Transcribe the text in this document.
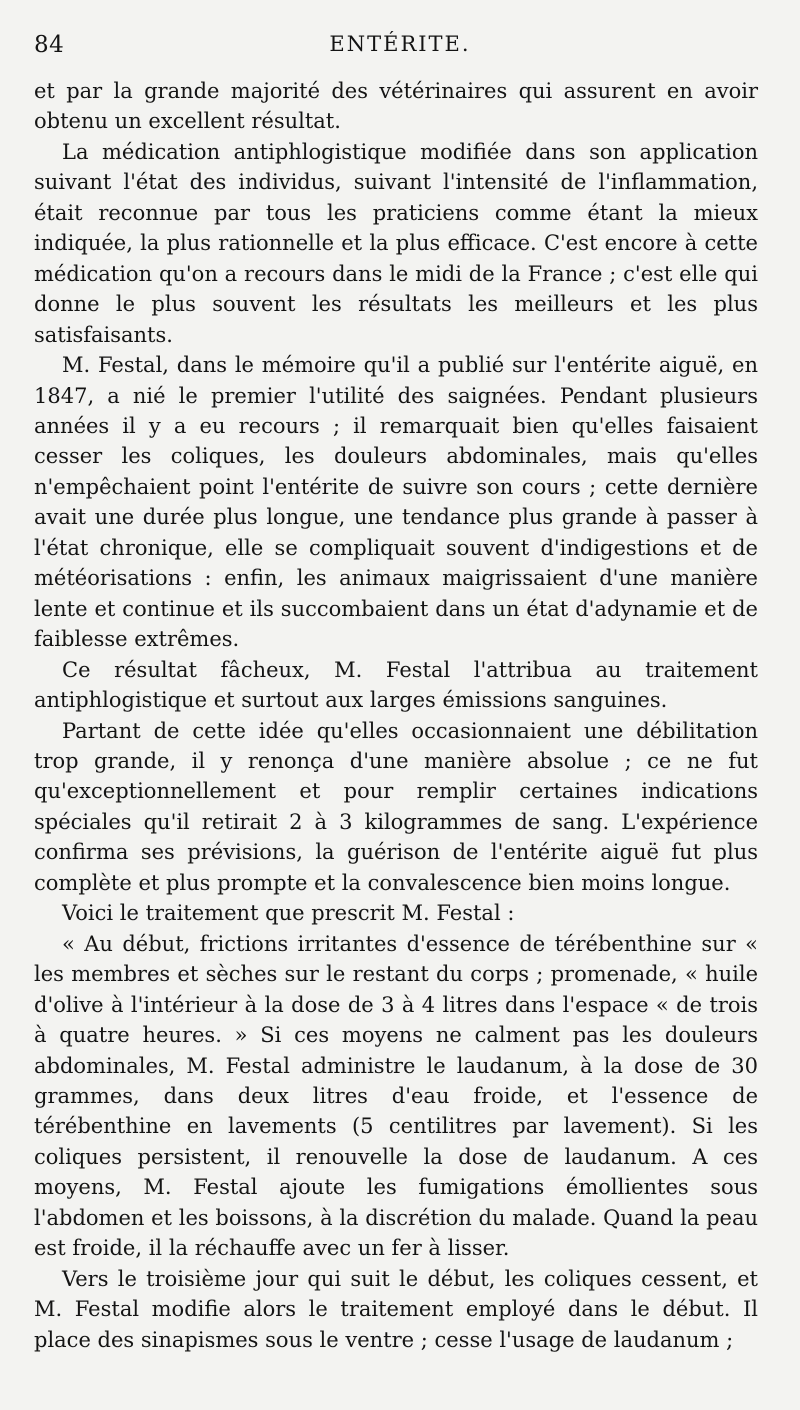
84	ENTÉRITE.

et par la grande majorité des vétérinaires qui assurent en avoir obtenu un excellent résultat.

La médication antiphlogistique modifiée dans son application suivant l'état des individus, suivant l'intensité de l'inflammation, était reconnue par tous les praticiens comme étant la mieux indiquée, la plus rationnelle et la plus efficace. C'est encore à cette médication qu'on a recours dans le midi de la France ; c'est elle qui donne le plus souvent les résultats les meilleurs et les plus satisfaisants.

M. Festal, dans le mémoire qu'il a publié sur l'entérite aiguë, en 1847, a nié le premier l'utilité des saignées. Pendant plusieurs années il y a eu recours ; il remarquait bien qu'elles faisaient cesser les coliques, les douleurs abdominales, mais qu'elles n'empêchaient point l'entérite de suivre son cours ; cette dernière avait une durée plus longue, une tendance plus grande à passer à l'état chronique, elle se compliquait souvent d'indigestions et de météorisations : enfin, les animaux maigrissaient d'une manière lente et continue et ils succombaient dans un état d'adynamie et de faiblesse extrêmes.

Ce résultat fâcheux, M. Festal l'attribua au traitement antiphlogistique et surtout aux larges émissions sanguines.

Partant de cette idée qu'elles occasionnaient une débilitation trop grande, il y renonça d'une manière absolue ; ce ne fut qu'exceptionnellement et pour remplir certaines indications spéciales qu'il retirait 2 à 3 kilogrammes de sang. L'expérience confirma ses prévisions, la guérison de l'entérite aiguë fut plus complète et plus prompte et la convalescence bien moins longue.

Voici le traitement que prescrit M. Festal :

« Au début, frictions irritantes d'essence de térébenthine sur « les membres et sèches sur le restant du corps ; promenade, « huile d'olive à l'intérieur à la dose de 3 à 4 litres dans l'espace « de trois à quatre heures. » Si ces moyens ne calment pas les douleurs abdominales, M. Festal administre le laudanum, à la dose de 30 grammes, dans deux litres d'eau froide, et l'essence de térébenthine en lavements (5 centilitres par lavement). Si les coliques persistent, il renouvelle la dose de laudanum. A ces moyens, M. Festal ajoute les fumigations émollientes sous l'abdomen et les boissons, à la discrétion du malade. Quand la peau est froide, il la réchauffe avec un fer à lisser.

Vers le troisième jour qui suit le début, les coliques cessent, et M. Festal modifie alors le traitement employé dans le début. Il place des sinapismes sous le ventre ; cesse l'usage de laudanum ;
